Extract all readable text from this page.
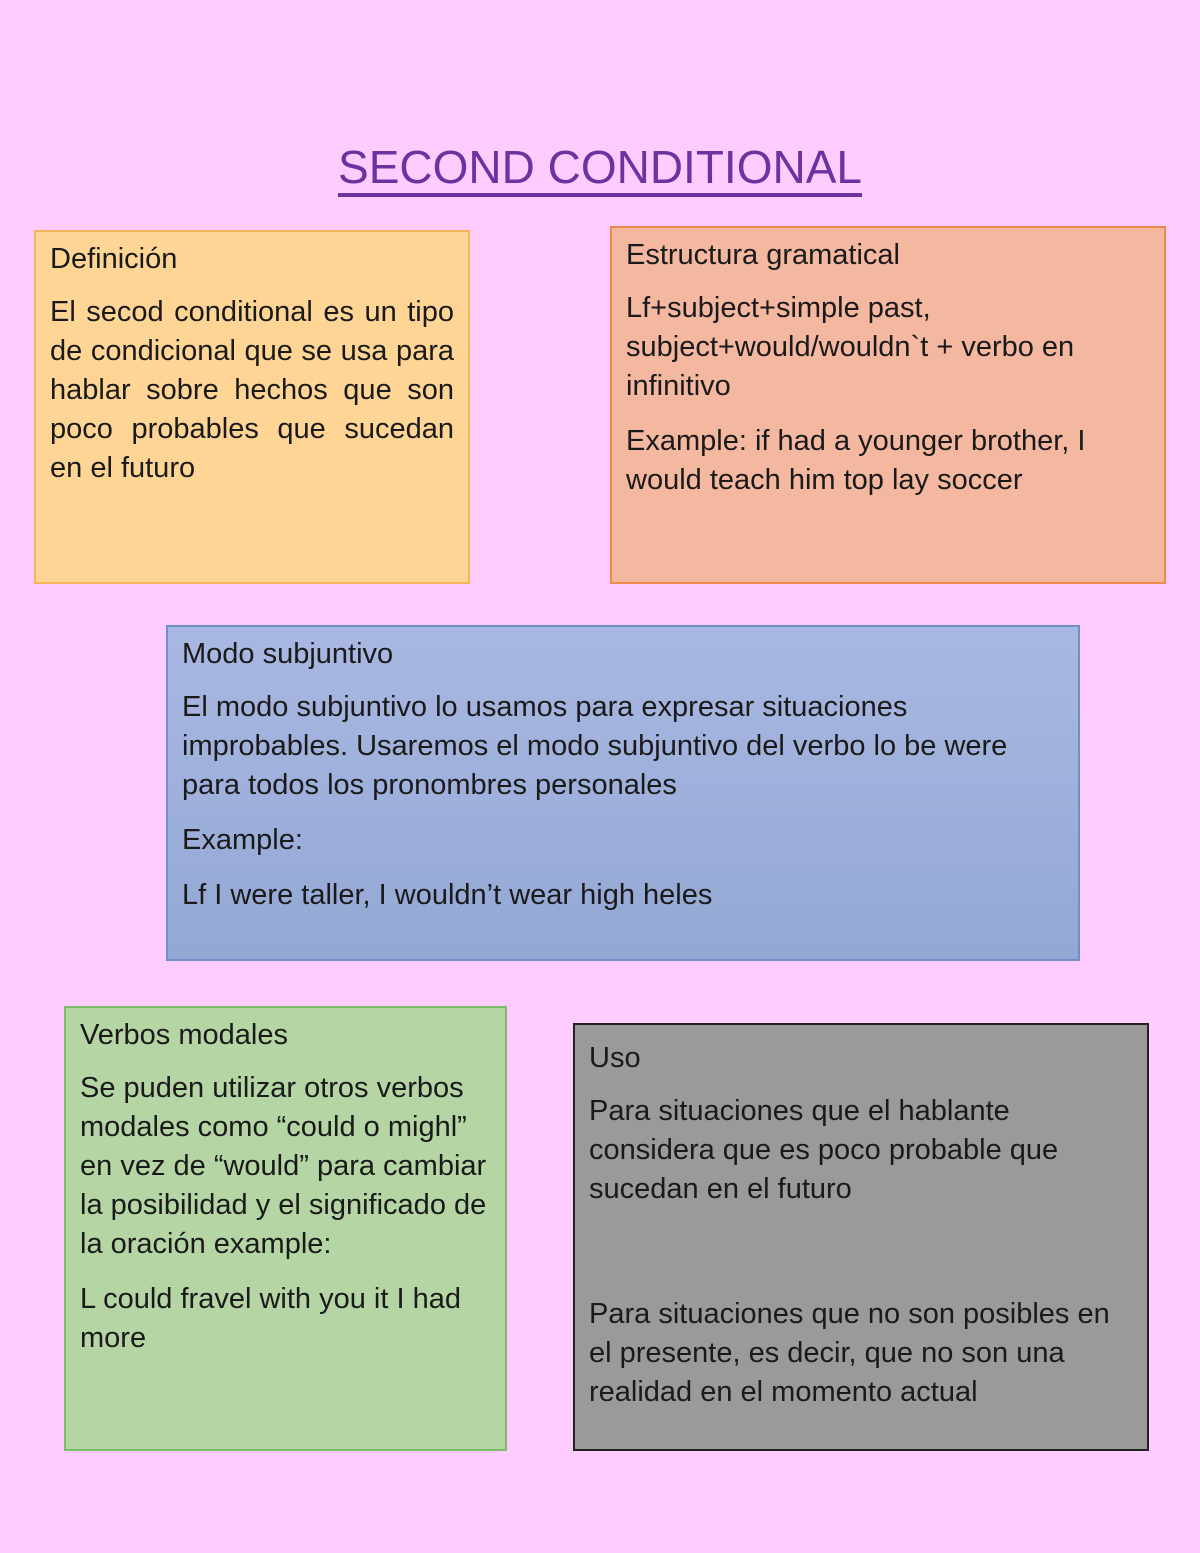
SECOND CONDITIONAL

Definición

El secod conditional es un tipo de condicional que se usa para hablar sobre hechos que son poco probables que sucedan en el futuro

Estructura gramatical

Lf+subject+simple past, subject+would/wouldn`t + verbo en infinitivo

Example: if had a younger brother, I would teach him top lay soccer

Modo subjuntivo

El modo subjuntivo lo usamos para expresar situaciones improbables. Usaremos el modo subjuntivo del verbo lo be were para todos los pronombres personales

Example:

Lf I were taller, I wouldn’t wear high heles

Verbos modales

Se puden utilizar otros verbos modales como “could o mighl” en vez de “would” para cambiar la posibilidad y el significado de la oración example:

L could fravel with you it I had more

Uso

Para situaciones que el hablante considera que es poco probable que sucedan en el futuro

Para situaciones que no son posibles en el presente, es decir, que no son una realidad en el momento actual
